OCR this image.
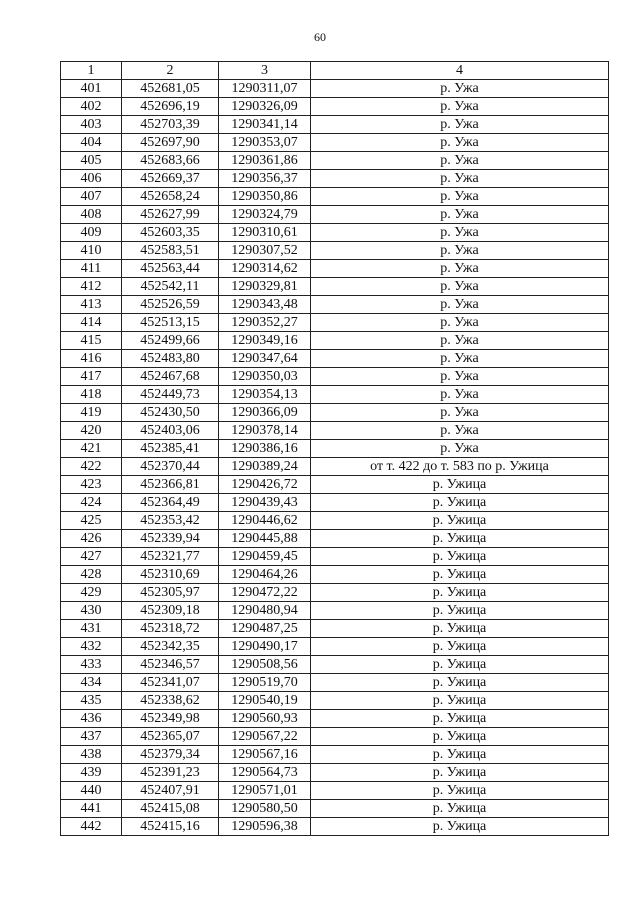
60
1	2	3	4
401	452681,05	1290311,07	р. Ужа
402	452696,19	1290326,09	р. Ужа
403	452703,39	1290341,14	р. Ужа
404	452697,90	1290353,07	р. Ужа
405	452683,66	1290361,86	р. Ужа
406	452669,37	1290356,37	р. Ужа
407	452658,24	1290350,86	р. Ужа
408	452627,99	1290324,79	р. Ужа
409	452603,35	1290310,61	р. Ужа
410	452583,51	1290307,52	р. Ужа
411	452563,44	1290314,62	р. Ужа
412	452542,11	1290329,81	р. Ужа
413	452526,59	1290343,48	р. Ужа
414	452513,15	1290352,27	р. Ужа
415	452499,66	1290349,16	р. Ужа
416	452483,80	1290347,64	р. Ужа
417	452467,68	1290350,03	р. Ужа
418	452449,73	1290354,13	р. Ужа
419	452430,50	1290366,09	р. Ужа
420	452403,06	1290378,14	р. Ужа
421	452385,41	1290386,16	р. Ужа
422	452370,44	1290389,24	от т. 422 до т. 583 по р. Ужица
423	452366,81	1290426,72	р. Ужица
424	452364,49	1290439,43	р. Ужица
425	452353,42	1290446,62	р. Ужица
426	452339,94	1290445,88	р. Ужица
427	452321,77	1290459,45	р. Ужица
428	452310,69	1290464,26	р. Ужица
429	452305,97	1290472,22	р. Ужица
430	452309,18	1290480,94	р. Ужица
431	452318,72	1290487,25	р. Ужица
432	452342,35	1290490,17	р. Ужица
433	452346,57	1290508,56	р. Ужица
434	452341,07	1290519,70	р. Ужица
435	452338,62	1290540,19	р. Ужица
436	452349,98	1290560,93	р. Ужица
437	452365,07	1290567,22	р. Ужица
438	452379,34	1290567,16	р. Ужица
439	452391,23	1290564,73	р. Ужица
440	452407,91	1290571,01	р. Ужица
441	452415,08	1290580,50	р. Ужица
442	452415,16	1290596,38	р. Ужица
